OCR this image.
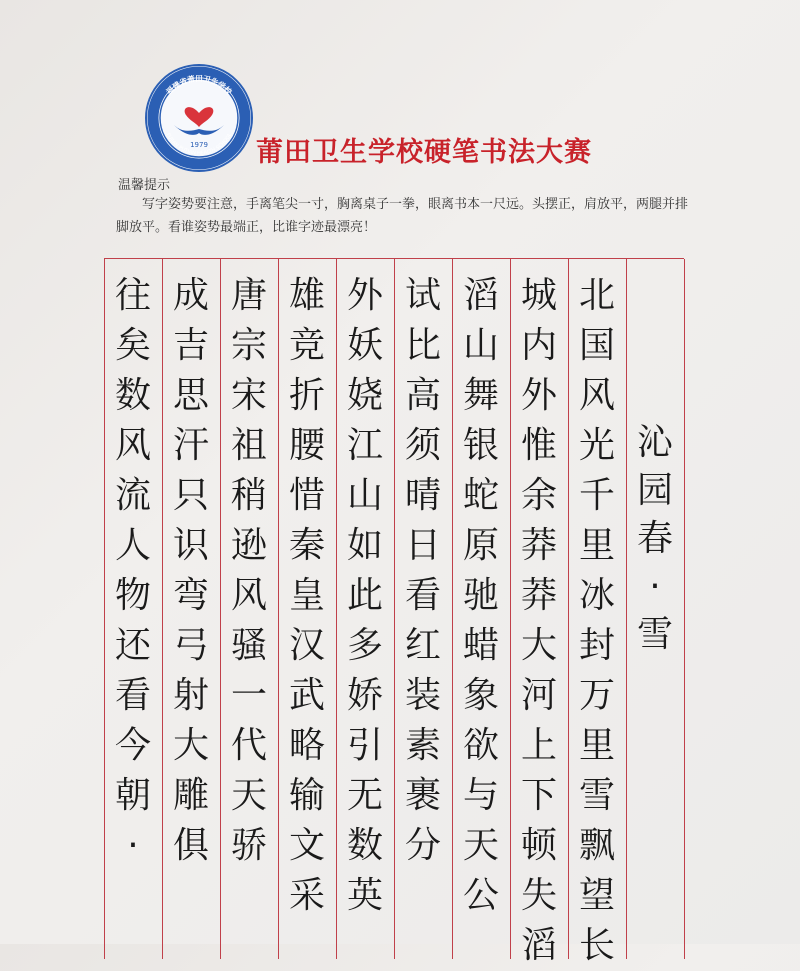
福建省莆田卫生学校
FUJIAN PUTIAN HEALTH SCHOOL
1979 莆田卫生学校硬笔书法大赛
温馨提示

写字姿势要注意，手离笔尖一寸，胸离桌子一拳，眼离书本一尺远。头摆正，肩放平，两腿并排脚放平。看谁姿势最端正，比谁字迹最漂亮！

沁
园
春
·
雪
北
国
风
光
千
里
冰
封
万
里
雪
飘
望
长
城
内
外
惟
余
莽
莽
大
河
上
下
顿
失
滔
滔
山
舞
银
蛇
原
驰
蜡
象
欲
与
天
公
试
比
高
须
晴
日
看
红
装
素
裹
分
外
妖
娆
江
山
如
此
多
娇
引
无
数
英
雄
竞
折
腰
惜
秦
皇
汉
武
略
输
文
采
唐
宗
宋
祖
稍
逊
风
骚
一
代
天
骄
成
吉
思
汗
只
识
弯
弓
射
大
雕
俱
往
矣
数
风
流
人
物
还
看
今
朝
·
